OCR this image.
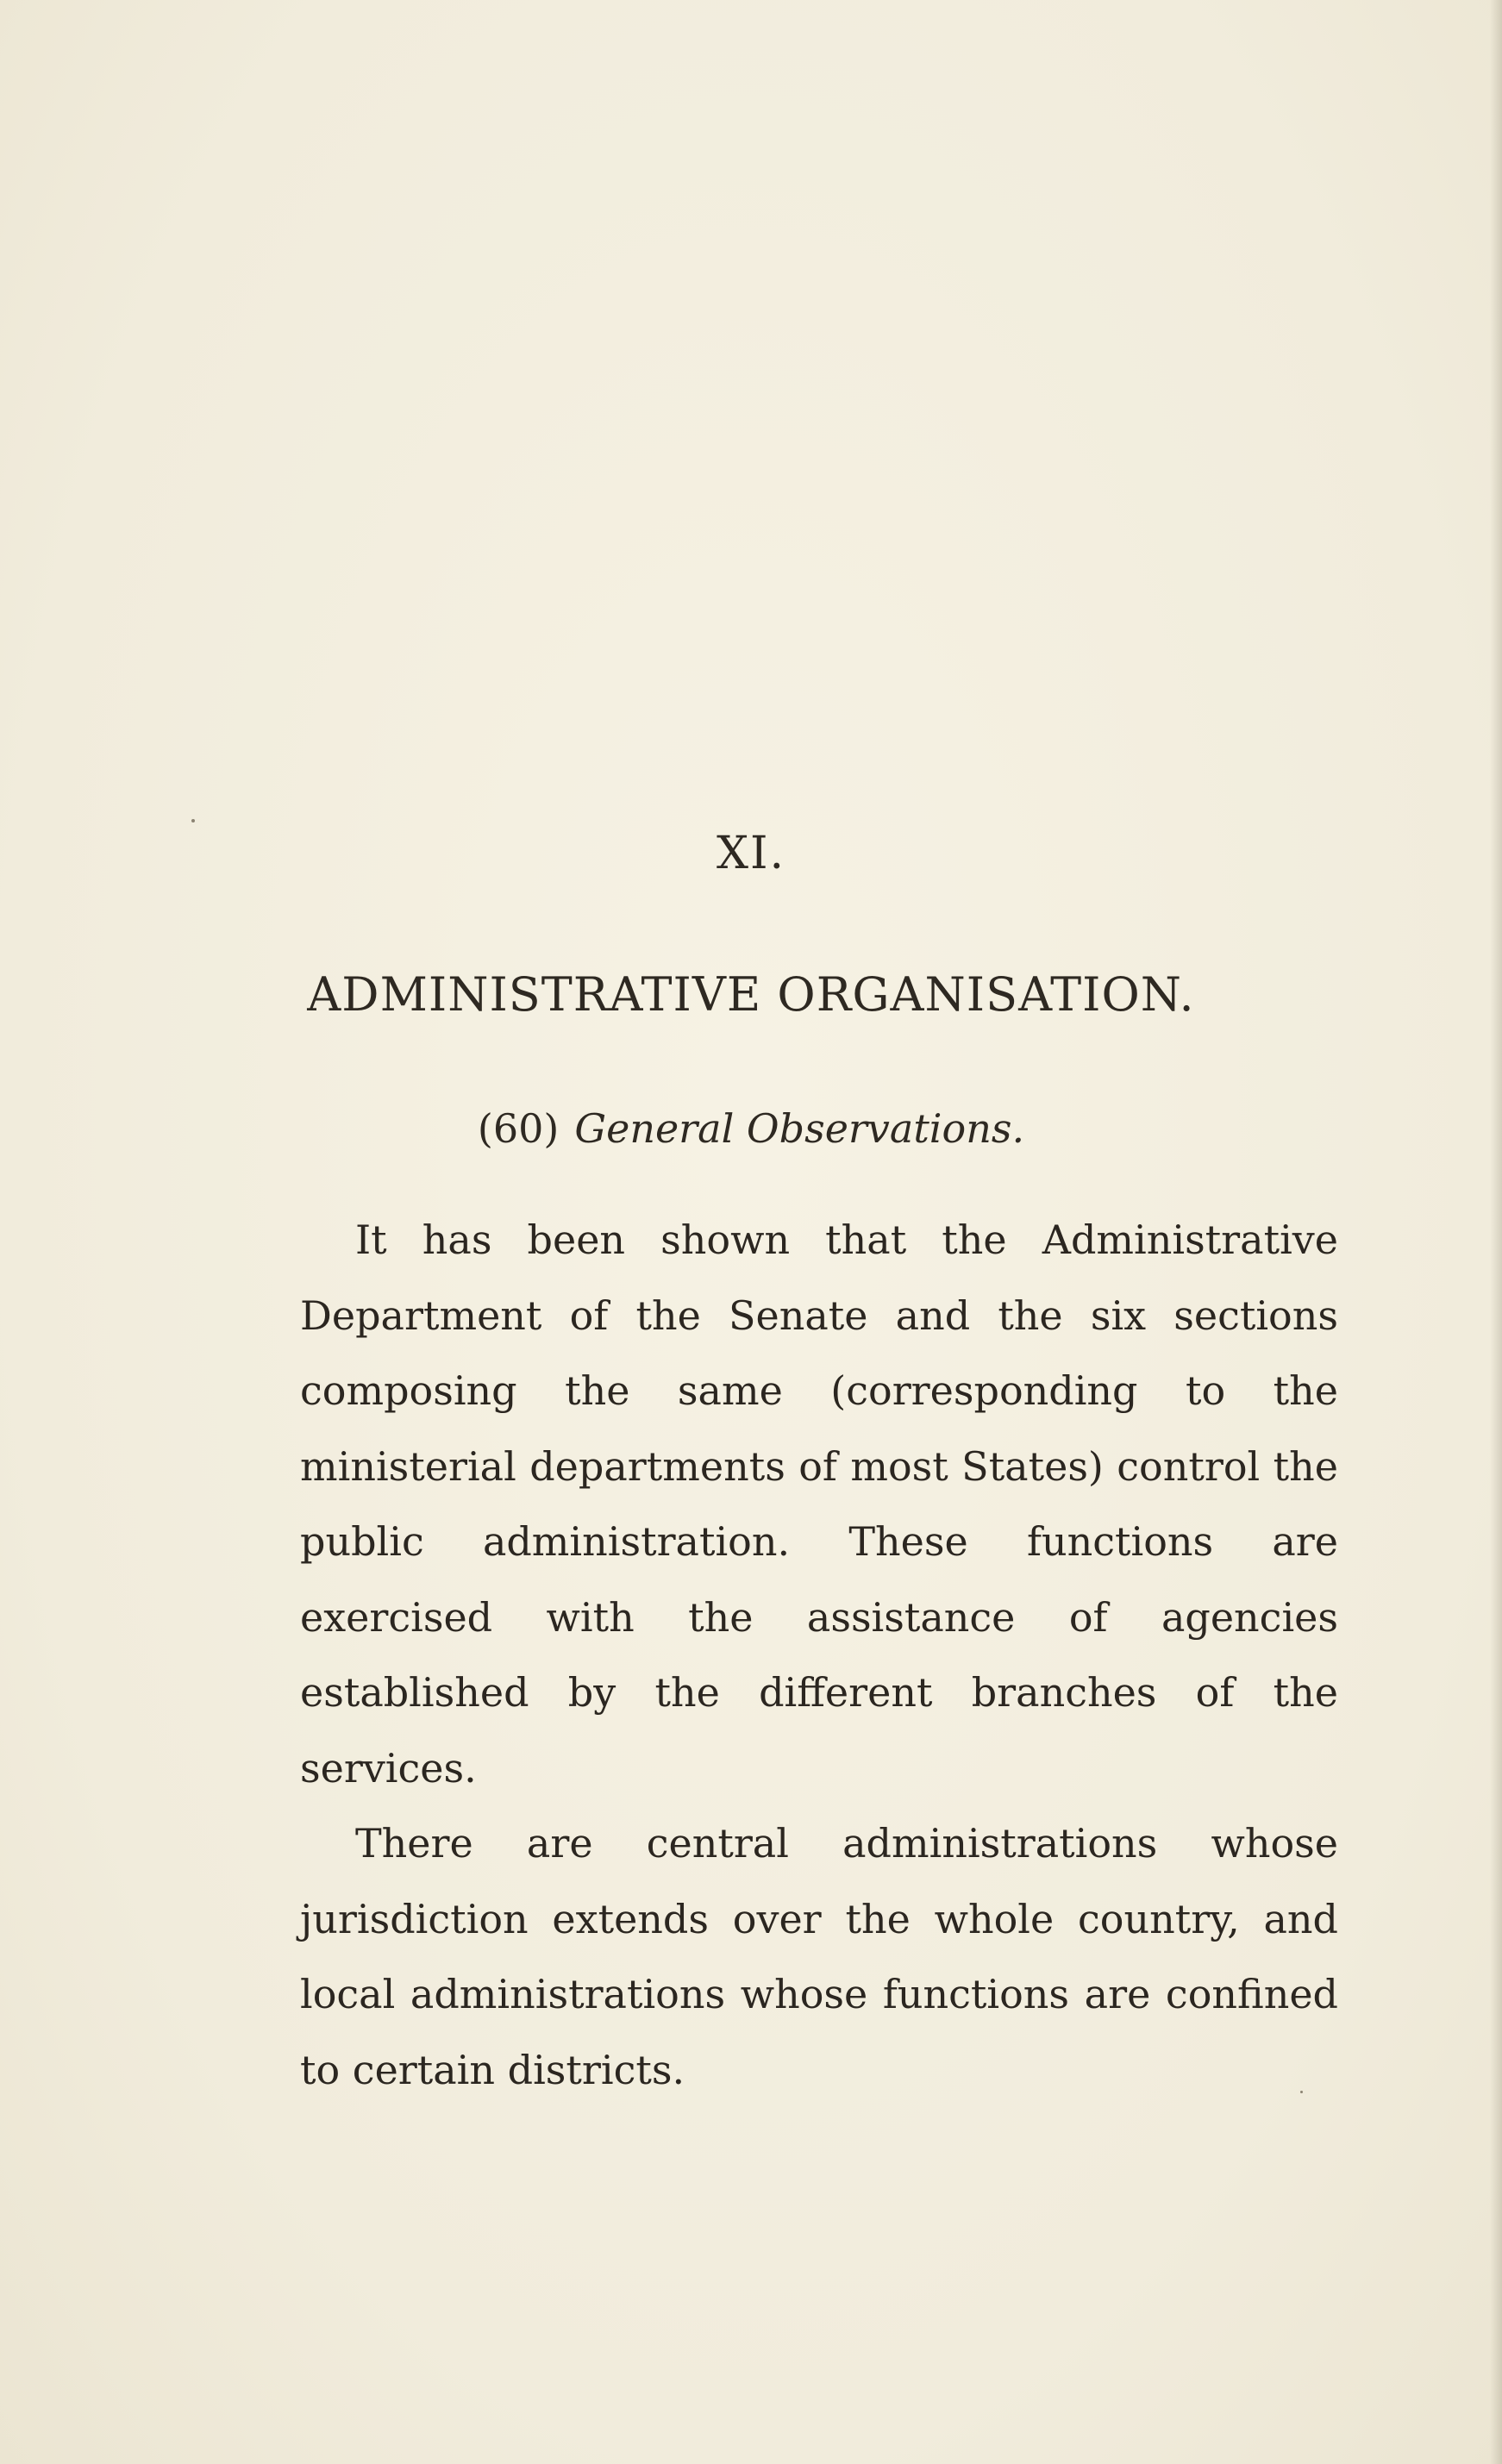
XI.
ADMINISTRATIVE ORGANISATION.
(60) General Observations.

It has been shown that the Administrative Department of the Senate and the six sections composing the same (corresponding to the ministerial departments of most States) control the public administration. These functions are exercised with the assistance of agencies established by the different branches of the services.

There are central administrations whose jurisdiction extends over the whole country, and local administrations whose functions are confined to certain districts.
